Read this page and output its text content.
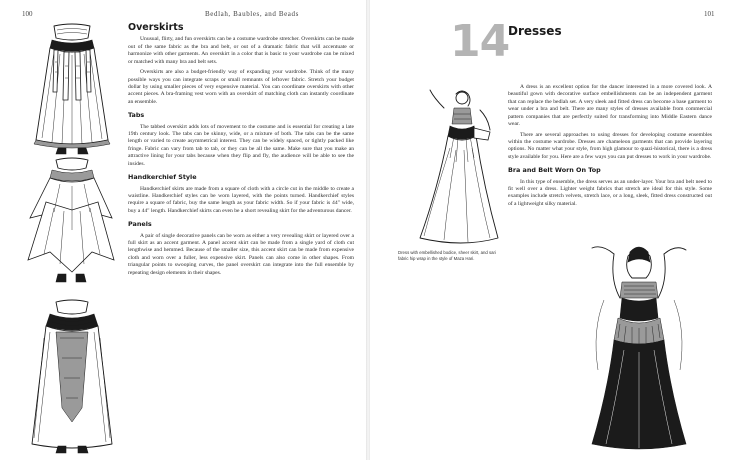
100	Bedlah, Baubles, and Beads
Overskirts

Unusual, flirty, and fun overskirts can be a costume wardrobe stretcher. Overskirts can be made out of the same fabric as the bra and belt, or out of a dramatic fabric that will accentuate or harmonize with other garments. An overskirt in a color that is basic to your wardrobe can be mixed or matched with many bra and belt sets.

Overskirts are also a budget-friendly way of expanding your wardrobe. Think of the many possible ways you can integrate scraps or small remnants of leftover fabric. Stretch your budget dollar by using smaller pieces of very expensive material. You can coordinate overskirts with other accent pieces. A bra-framing vest worn with an overskirt of matching cloth can instantly coordinate an ensemble.

Tabs

The tabbed overskirt adds lots of movement to the costume and is essential for creating a late 19th century look. The tabs can be skinny, wide, or a mixture of both. The tabs can be the same length or varied to create asymmetrical interest. They can be widely spaced, or tightly packed like fringe. Fabric can vary from tab to tab, or they can be all the same. Make sure that you make an attractive lining for your tabs because when they flip and fly, the audience will be able to see the insides.

Handkerchief Style

Handkerchief skirts are made from a square of cloth with a circle cut in the middle to create a waistline. Handkerchief styles can be worn layered, with the points turned. Handkerchief styles require a square of fabric, buy the same length as your fabric width. So if your fabric is 44" wide, buy a 44" length. Handkerchief skirts can even be a short revealing skirt for the adventurous dancer.

Panels

A pair of single decorative panels can be worn as either a very revealing skirt or layered over a full skirt as an accent garment. A panel accent skirt can be made from a single yard of cloth cut lengthwise and hemmed. Because of the smaller size, this accent skirt can be made from expensive cloth and worn over a fuller, less expensive skirt. Panels can also come in other shapes. From triangular points to swooping curves, the panel overskirt can integrate into the full ensemble by repeating design elements in their shapes.

101
14
Dresses
Dress with embellished bodice, sheer skirt, and sari fabric hip wrap in the style of Maza Hari.

A dress is an excellent option for the dancer interested in a more covered look. A beautiful gown with decorative surface embellishments can be an independent garment that can replace the bedlah set. A very sleek and fitted dress can become a base garment to wear under a bra and belt. There are many styles of dresses available from commercial pattern companies that are perfectly suited for transforming into Middle Eastern dance wear.

There are several approaches to using dresses for developing costume ensembles within the costume wardrobe. Dresses are chameleon garments that can provide layering options. No matter what your style, from high glamour to quazi-historical, there is a dress style available for you. Here are a few ways you can put dresses to work in your wardrobe.

Bra and Belt Worn On Top

In this type of ensemble, the dress serves as an under-layer. Your bra and belt need to fit well over a dress. Lighter weight fabrics that stretch are ideal for this style. Some examples include stretch velvets, stretch lace, or a long, sleek, fitted dress constructed out of a lightweight silky material.
